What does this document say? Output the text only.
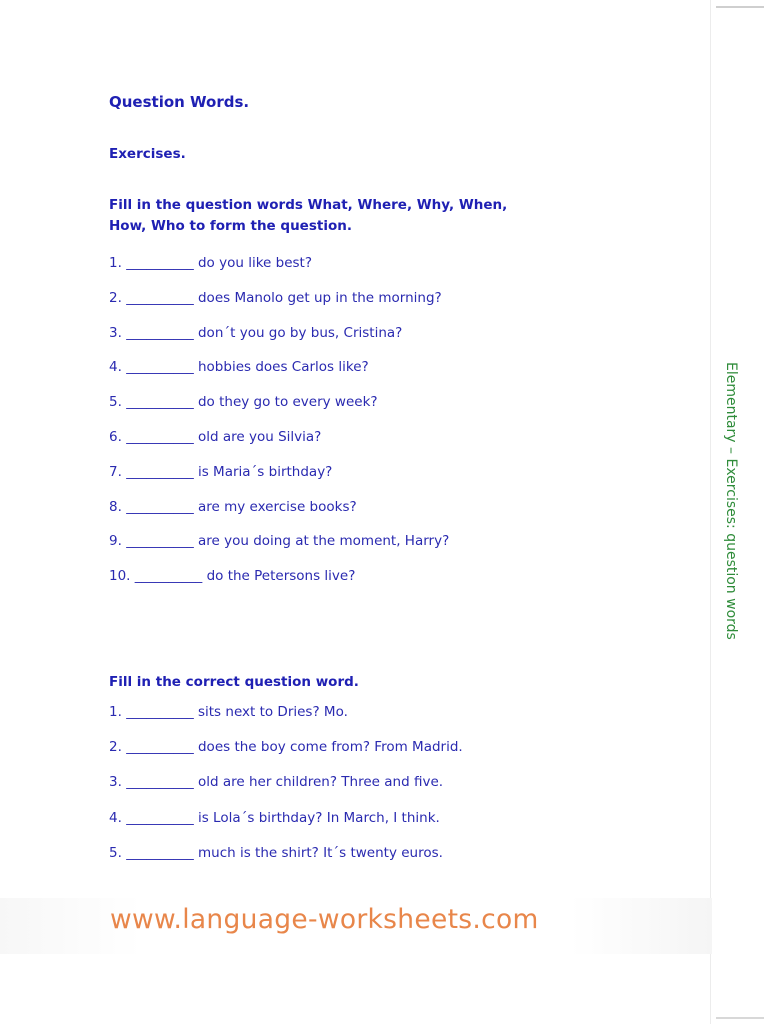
Question Words.
Exercises.
Fill in the question words What, Where, Why, When,
How, Who to form the question.
1. __________ do you like best?
2. __________ does Manolo get up in the morning?
3. __________ don´t you go by bus, Cristina?
4. __________ hobbies does Carlos like?
5. __________ do they go to every week?
6. __________ old are you Silvia?
7. __________ is Maria´s birthday?
8. __________ are my exercise books?
9. __________ are you doing at the moment, Harry?
10. __________ do the Petersons live?
Fill in the correct question word.
1. __________ sits next to Dries? Mo.
2. __________ does the boy come from? From Madrid.
3. __________ old are her children? Three and five.
4. __________ is Lola´s birthday? In March, I think.
5. __________ much is the shirt? It´s twenty euros.
Elementary – Exercises: question words
www.language-worksheets.com
